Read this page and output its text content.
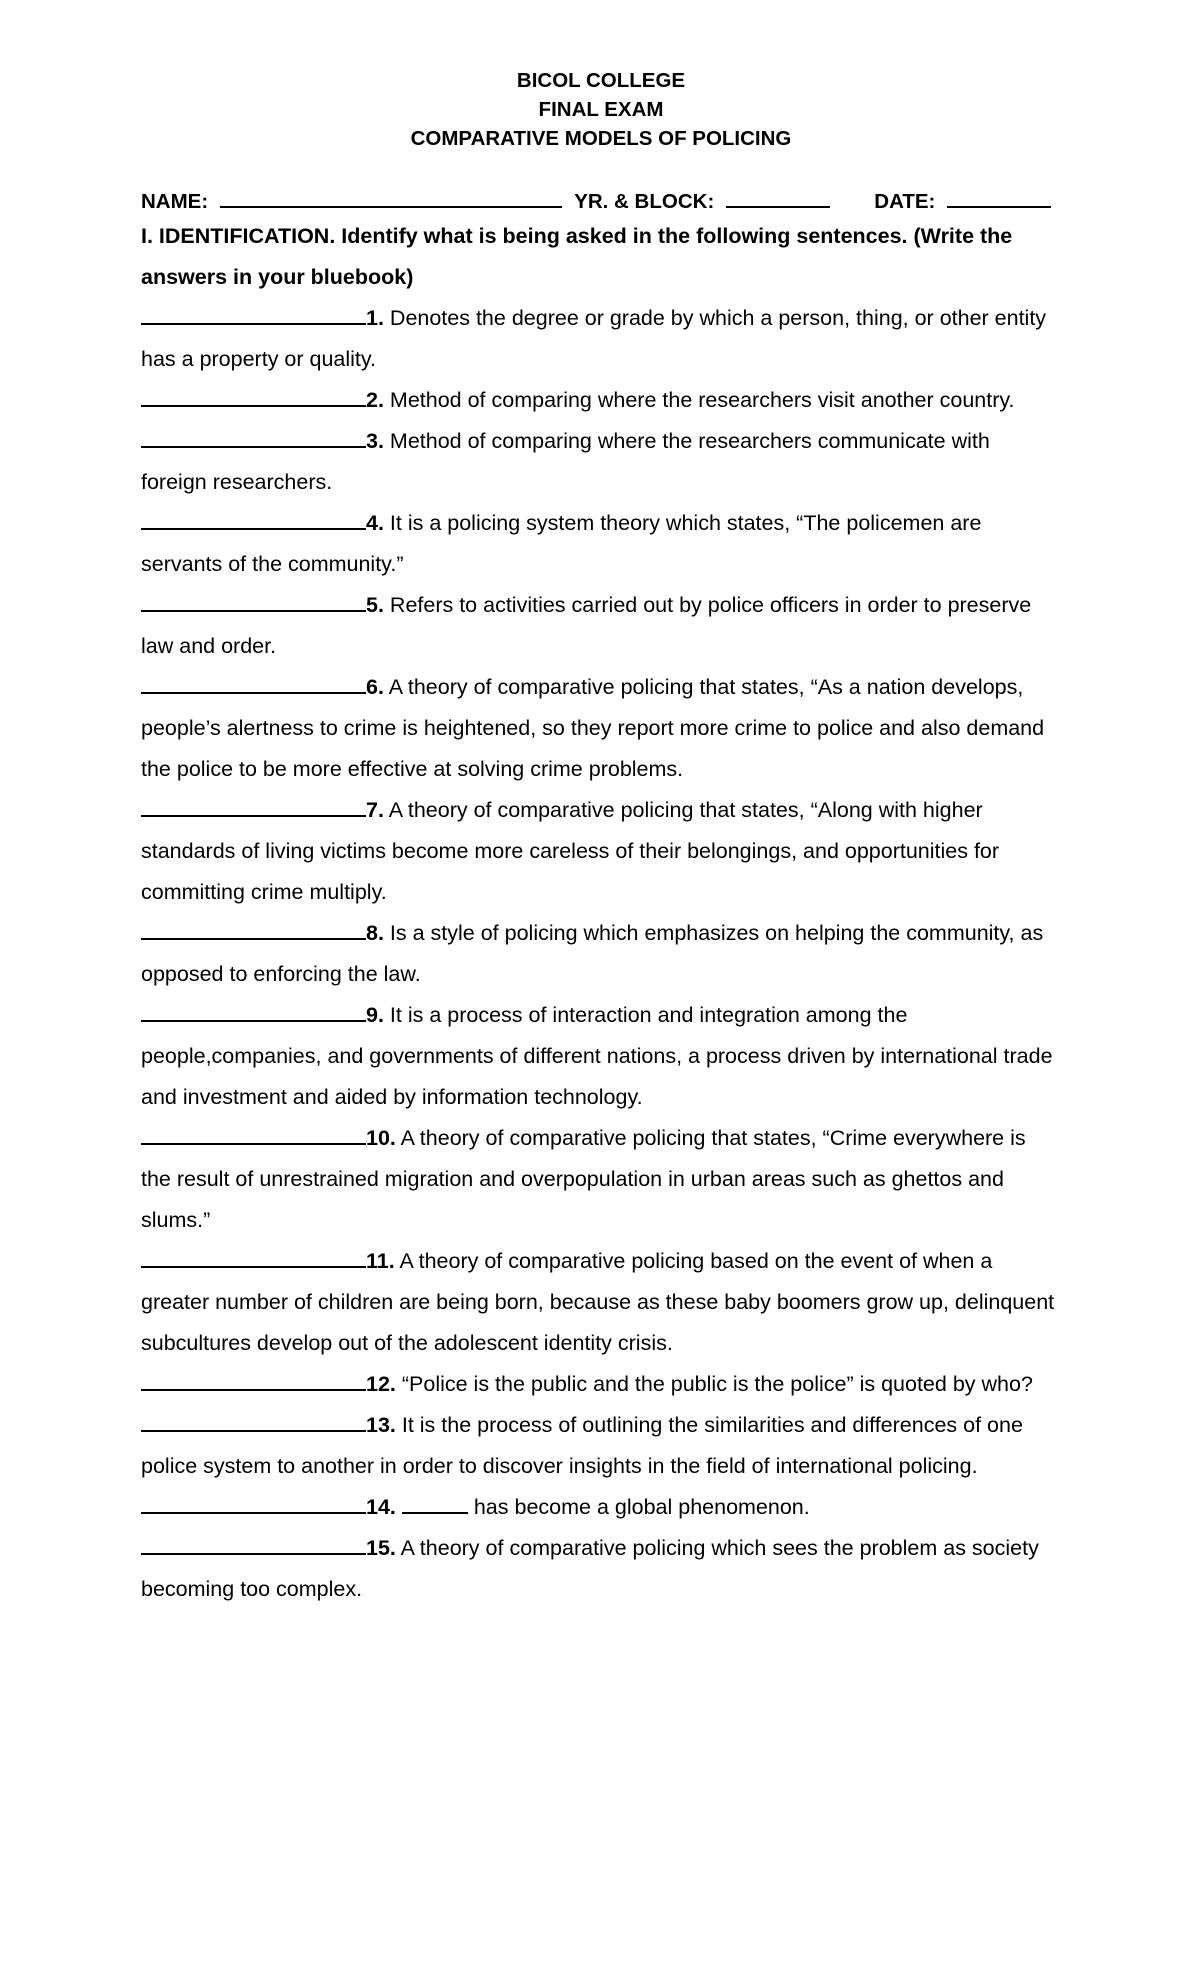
BICOL COLLEGE
FINAL EXAM
COMPARATIVE MODELS OF POLICING
NAME:	YR. & BLOCK:	DATE:
I. IDENTIFICATION. Identify what is being asked in the following sentences. (Write the answers in your bluebook)
1. Denotes the degree or grade by which a person, thing, or other entity has a property or quality.
2. Method of comparing where the researchers visit another country.
3. Method of comparing where the researchers communicate with foreign researchers.
4. It is a policing system theory which states, “The policemen are servants of the community.”
5. Refers to activities carried out by police officers in order to preserve law and order.
6. A theory of comparative policing that states, “As a nation develops, people’s alertness to crime is heightened, so they report more crime to police and also demand the police to be more effective at solving crime problems.
7. A theory of comparative policing that states, “Along with higher standards of living victims become more careless of their belongings, and opportunities for committing crime multiply.
8. Is a style of policing which emphasizes on helping the community, as opposed to enforcing the law.
9. It is a process of interaction and integration among the people,companies, and governments of different nations, a process driven by international trade and investment and aided by information technology.
10. A theory of comparative policing that states, “Crime everywhere is the result of unrestrained migration and overpopulation in urban areas such as ghettos and slums.”
11. A theory of comparative policing based on the event of when a greater number of children are being born, because as these baby boomers grow up, delinquent subcultures develop out of the adolescent identity crisis.
12. “Police is the public and the public is the police” is quoted by who?
13. It is the process of outlining the similarities and differences of one police system to another in order to discover insights in the field of international policing.
14.	has become a global phenomenon.
15. A theory of comparative policing which sees the problem as society becoming too complex.
